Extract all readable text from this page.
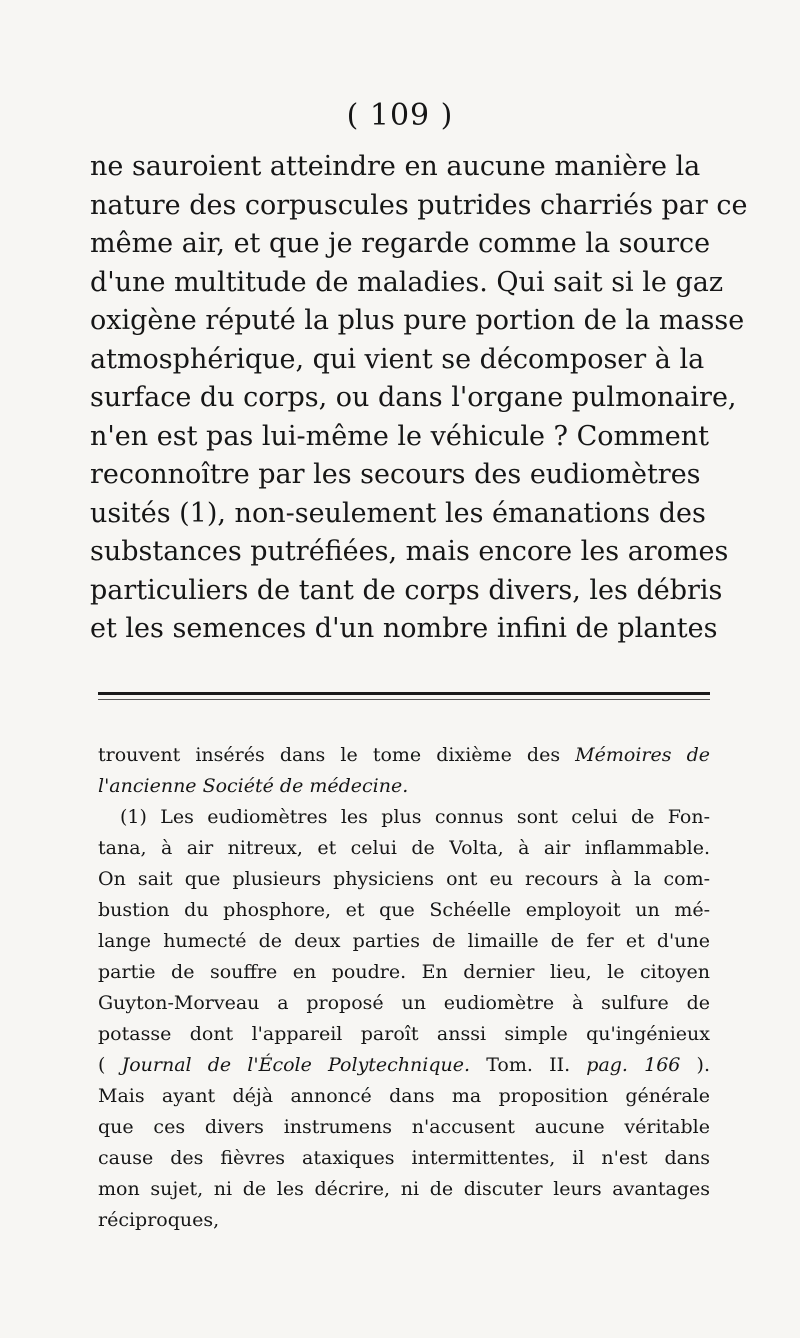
( 109 )
ne sauroient atteindre en aucune manière la
nature des corpuscules putrides charriés par ce
même air, et que je regarde comme la source
d'une multitude de maladies. Qui sait si le gaz
oxigène réputé la plus pure portion de la masse
atmosphérique, qui vient se décomposer à la
surface du corps, ou dans l'organe pulmonaire,
n'en est pas lui-même le véhicule ? Comment
reconnoître par les secours des eudiomètres
usités (1), non-seulement les émanations des
substances putréfiées, mais encore les aromes
particuliers de tant de corps divers, les débris
et les semences d'un nombre infini de plantes
trouvent insérés dans le tome dixième des Mémoires de
l'ancienne Société de médecine.
(1) Les eudiomètres les plus connus sont celui de Fon-
tana, à air nitreux, et celui de Volta, à air inflammable.
On sait que plusieurs physiciens ont eu recours à la com-
bustion du phosphore, et que Schéelle employoit un mé-
lange humecté de deux parties de limaille de fer et d'une
partie de souffre en poudre. En dernier lieu, le citoyen
Guyton-Morveau a proposé un eudiomètre à sulfure de
potasse dont l'appareil paroît anssi simple qu'ingénieux
( Journal de l'École Polytechnique. Tom. II. pag. 166 ).
Mais ayant déjà annoncé dans ma proposition générale
que ces divers instrumens n'accusent aucune véritable
cause des fièvres ataxiques intermittentes, il n'est dans
mon sujet, ni de les décrire, ni de discuter leurs avantages
réciproques,
